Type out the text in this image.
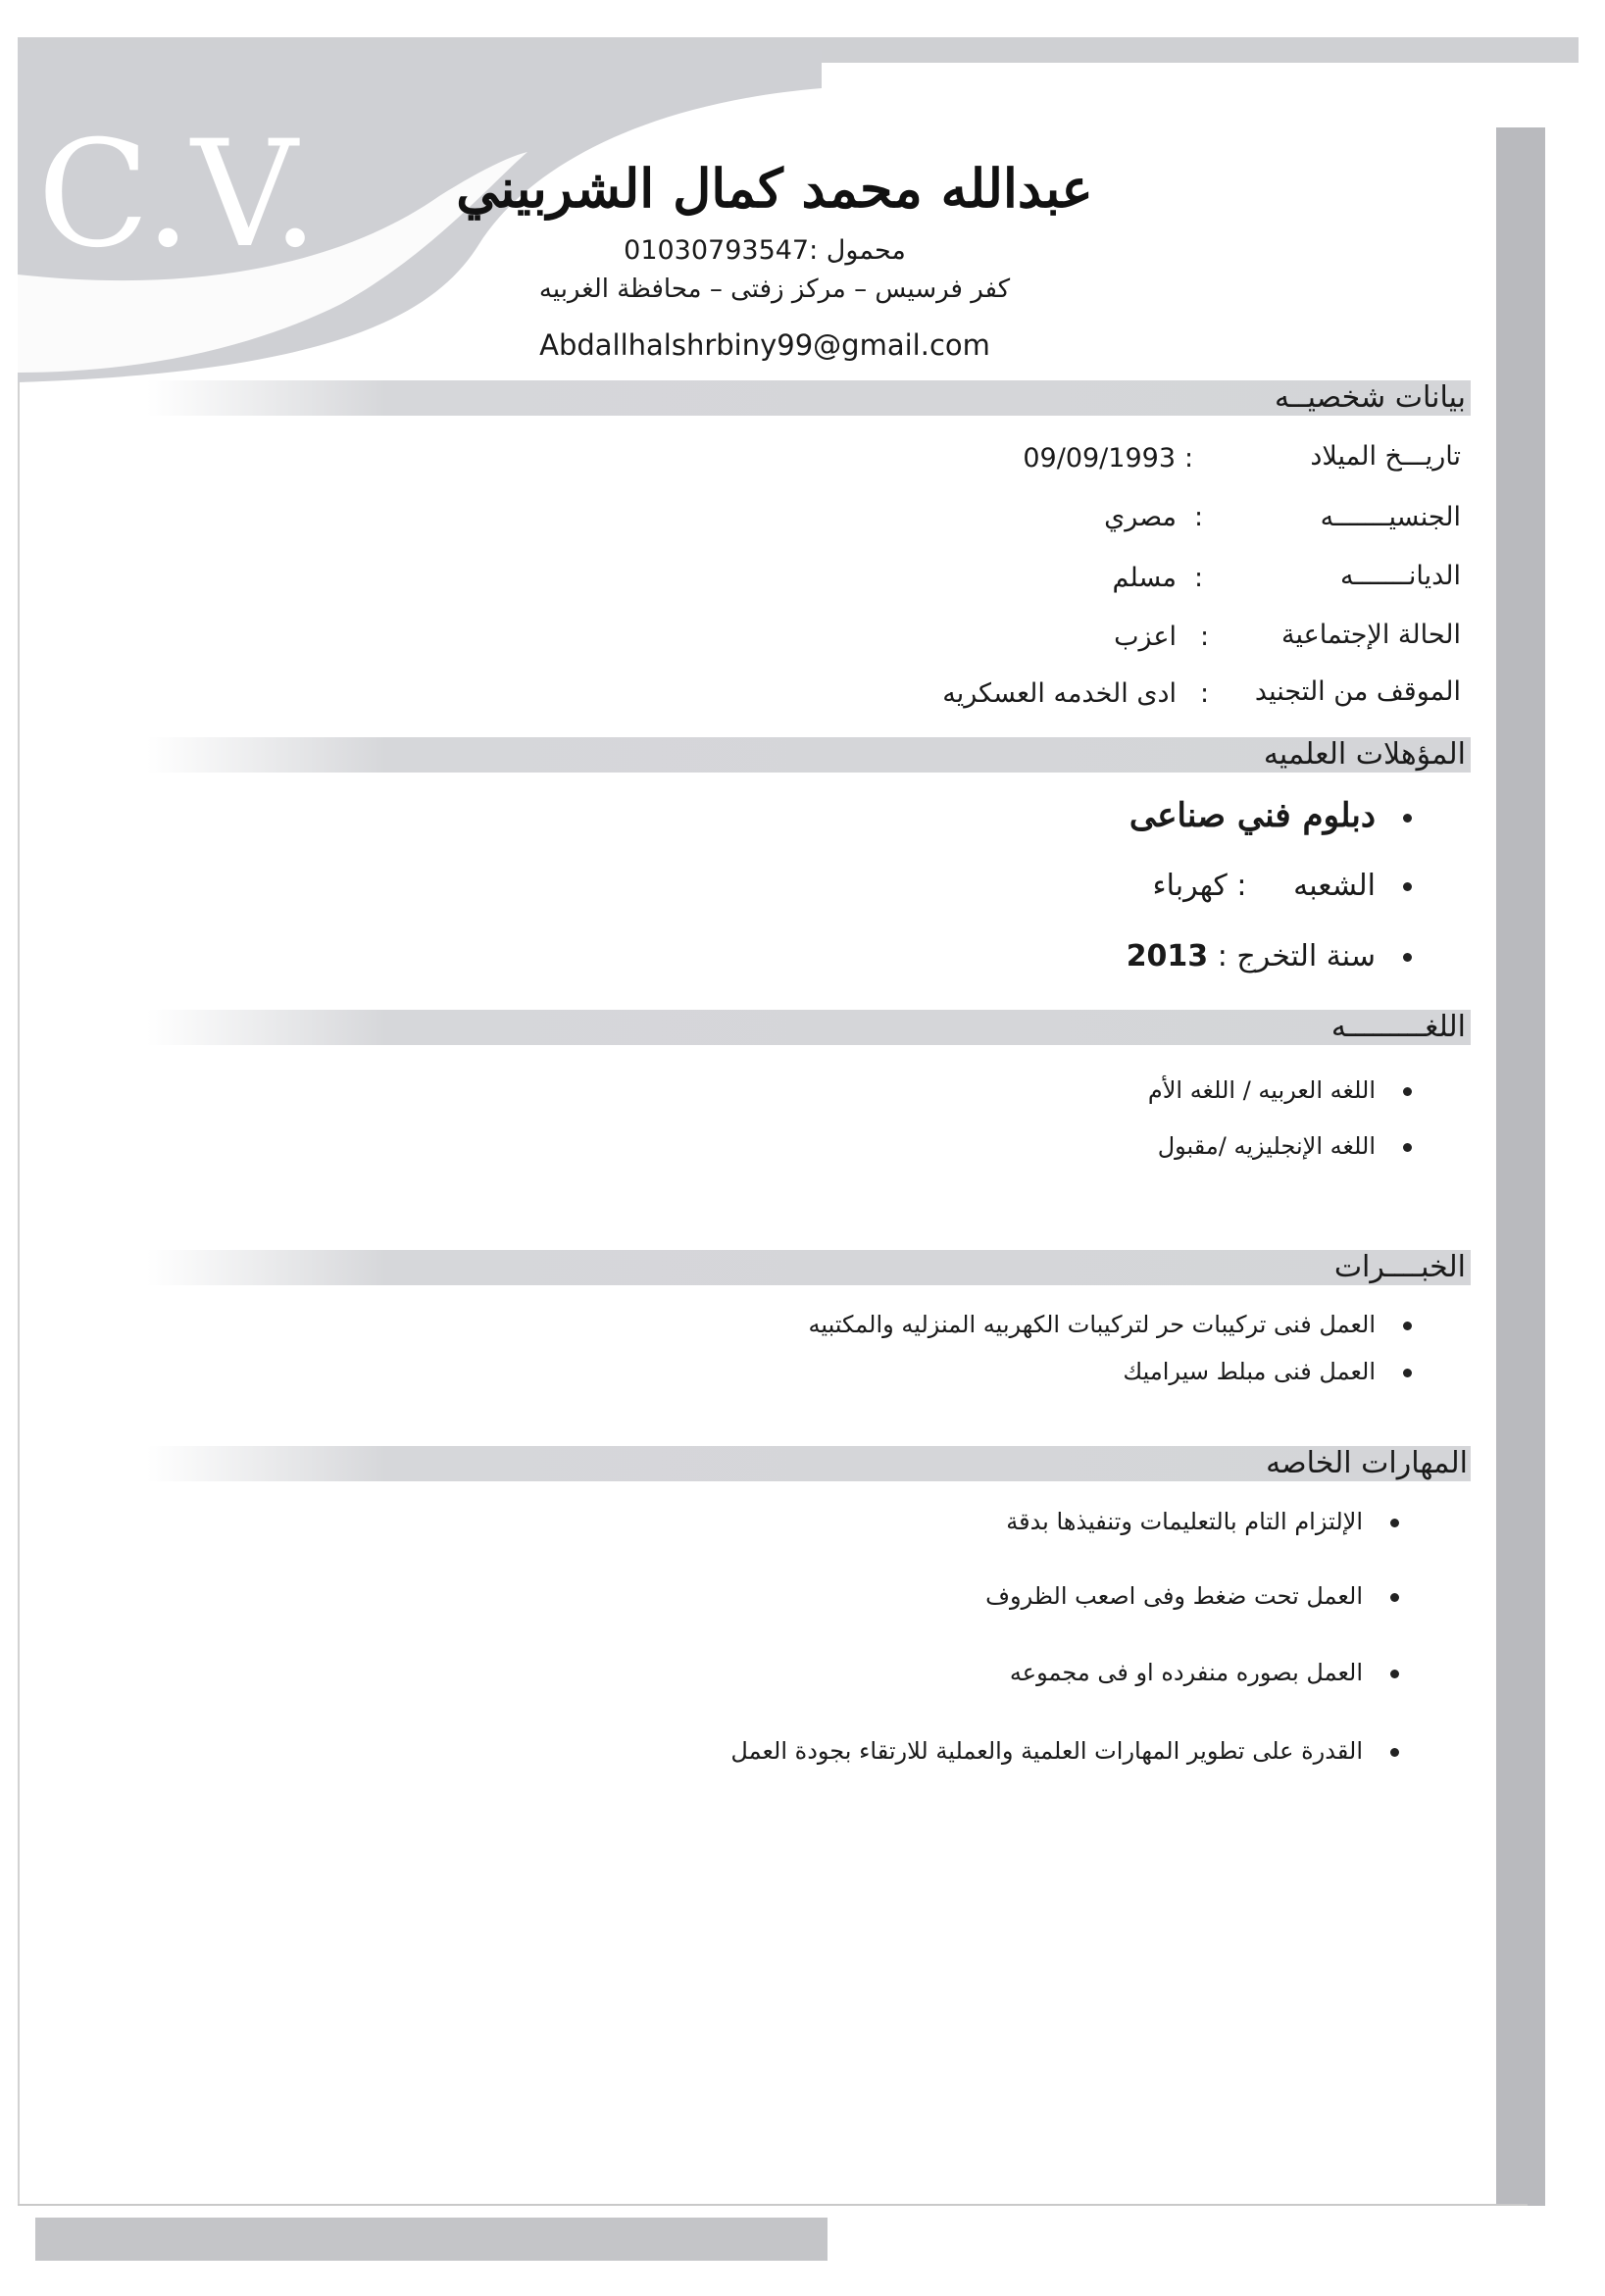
C.V.	عبدالله محمد كمال الشربيني
محمول :01030793547
كفر فرسيس – مركز زفتى – محافظة الغربيه
Abdallhalshrbiny99@gmail.com
بيانات شخصيــه
تاريـــخ الميلاد
:
09/09/1993
الجنسيـــــــه
:
مصري
الديانـــــــه
:
مسلم
الحالة الإجتماعية
:
اعزب
الموقف من التجنيد
:
ادى الخدمه العسكريه
المؤهلات العلميه
دبلوم فني صناعى
الشعبه     : كهرباء
سنة التخرج : 2013
اللغـــــــــه
اللغه العربيه / اللغه الأم
اللغه الإنجليزيه /مقبول
الخبــــرات
العمل فنى تركيبات حر لتركيبات الكهربيه المنزليه والمكتبيه
العمل فنى مبلط سيراميك
المهارات الخاصه
الإلتزام التام بالتعليمات وتنفيذها بدقة
العمل تحت ضغط وفى اصعب الظروف
العمل بصوره منفرده او فى مجموعه
القدرة على تطوير المهارات العلمية والعملية للارتقاء بجودة العمل
